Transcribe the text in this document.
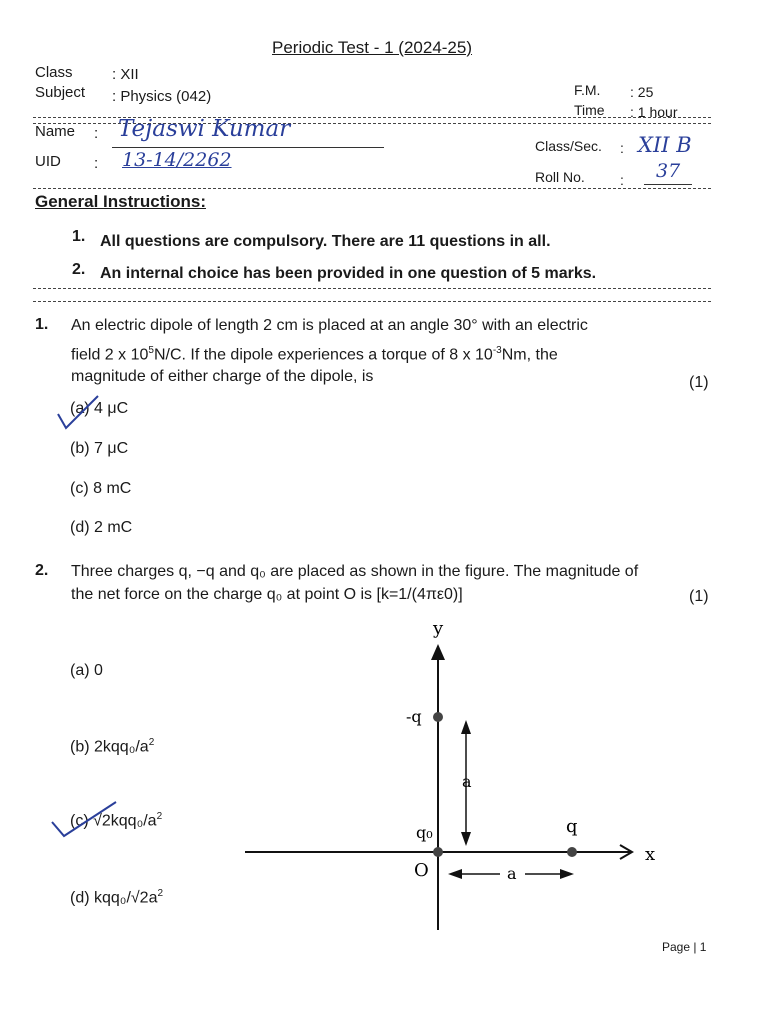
Periodic Test - 1 (2024-25)
Class	: XII
Subject : Physics (042)	F.M. : 25
Time : 1 hour
Name : Tejaswi Kumar
UID : 13-14/2262
Class/Sec. : XII B
Roll No.	: 37
General Instructions:
1. All questions are compulsory. There are 11 questions in all.
2. An internal choice has been provided in one question of 5 marks.
1. An electric dipole of length 2 cm is placed at an angle 30° with an electric
field 2 x $10^5N/C$. If the dipole experiences a torque of 8 x $10^{-3}Nm$, the
magnitude of either charge of the dipole, is	(1)
(a) 4 μC
(b) 7 μC
(c) 8 mC
(d) 2 mC
2. Three charges q, −q and q₀ are placed as shown in the figure. The magnitude of
the net force on the charge q₀ at point O is [k=1/(4πε0)]	(1)
(a) 0
(b) $2kqq_0/a^2$
(c) $√2kqq_0/a^2$
(d) kqq₀/$√2a^2$
y
x
-q
q
q₀
O
a
a
Page | 1
